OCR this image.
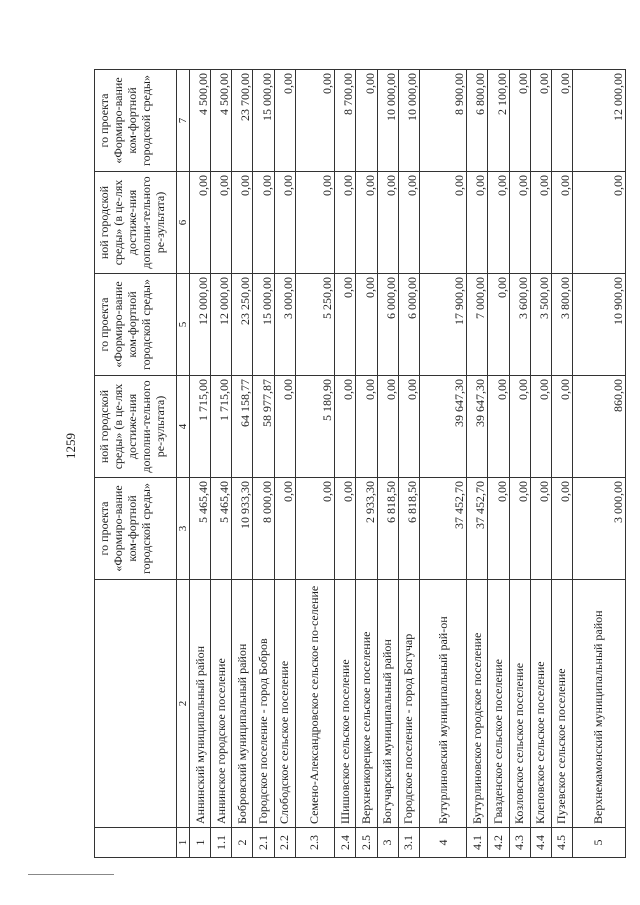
1259
		го проекта «Формиро-вание ком-фортной городской среды»	ной городской среды» (в це-лях достиже-ния дополни-тельного ре-зультата)	го проекта «Формиро-вание ком-фортной городской среды»	ной городской среды» (в це-лях достиже-ния дополни-тельного ре-зультата)	го проекта «Формиро-вание ком-фортной городской среды»
1	2	3	4	5	6	7
1	Аннинский муниципальный район	5 465,40	1 715,00	12 000,00	0,00	4 500,00
1.1	Аннинское городское поселение	5 465,40	1 715,00	12 000,00	0,00	4 500,00
2	Бобровский муниципальный район	10 933,30	64 158,77	23 250,00	0,00	23 700,00
2.1	Городское поселение - город Бобров	8 000,00	58 977,87	15 000,00	0,00	15 000,00
2.2	Слободское сельское поселение	0,00	0,00	3 000,00	0,00	0,00
2.3	Семено-Александровское сельское по-селение	0,00	5 180,90	5 250,00	0,00	0,00
2.4	Шишовское сельское поселение	0,00	0,00	0,00	0,00	8 700,00
2.5	Верхнеикорецкое сельское поселение	2 933,30	0,00	0,00	0,00	0,00
3	Богучарский муниципальный район	6 818,50	0,00	6 000,00	0,00	10 000,00
3.1	Городское поселение - город Богучар	6 818,50	0,00	6 000,00	0,00	10 000,00
4	Бутурлиновский муниципальный рай-он	37 452,70	39 647,30	17 900,00	0,00	8 900,00
4.1	Бутурлиновское городское поселение	37 452,70	39 647,30	7 000,00	0,00	6 800,00
4.2	Гвазденское сельское поселение	0,00	0,00	0,00	0,00	2 100,00
4.3	Козловское сельское поселение	0,00	0,00	3 600,00	0,00	0,00
4.4	Клеповское сельское поселение	0,00	0,00	3 500,00	0,00	0,00
4.5	Пузевское сельское поселение	0,00	0,00	3 800,00	0,00	0,00
5	Верхнемамонский муниципальный район	3 000,00	860,00	10 900,00	0,00	12 000,00
